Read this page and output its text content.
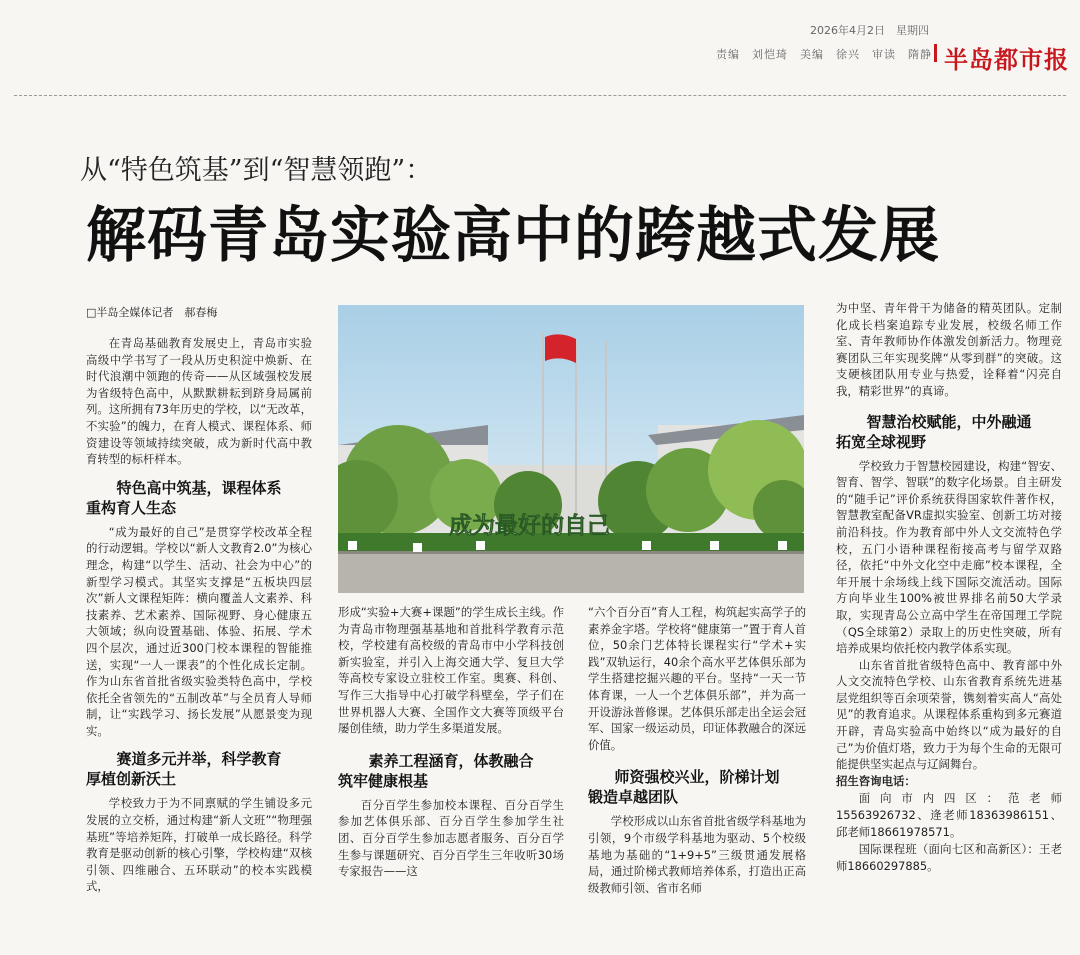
2026年4月2日　 星期四
责编　刘恺琦　 美编　徐兴　 审读　隋静 半岛都市报
从“特色筑基”到“智慧领跑”：
解码青岛实验高中的跨越式发展
□半岛全媒体记者　郝春梅

在青岛基础教育发展史上，青岛市实验高级中学书写了一段从历史积淀中焕新、在时代浪潮中领跑的传奇——从区域强校发展为省级特色高中，从默默耕耘到跻身局属前列。这所拥有73年历史的学校，以“无改革，不实验”的魄力，在育人模式、课程体系、师资建设等领域持续突破，成为新时代高中教育转型的标杆样本。

特色高中筑基，课程体系
重构育人生态

“成为最好的自己”是贯穿学校改革全程的行动逻辑。学校以“新人文教育2.0”为核心理念，构建“以学生、活动、社会为中心”的新型学习模式。其坚实支撑是“五板块四层次”新人文课程矩阵：横向覆盖人文素养、科技素养、艺术素养、国际视野、身心健康五大领域；纵向设置基础、体验、拓展、学术四个层次，通过近300门校本课程的智能推送，实现“一人一课表”的个性化成长定制。作为山东省首批省级实验类特色高中，学校依托全省领先的“五制改革”与全员育人导师制，让“实践学习、扬长发展”从愿景变为现实。

赛道多元并举，科学教育
厚植创新沃土

学校致力于为不同禀赋的学生铺设多元发展的立交桥，通过构建“新人文班”“物理强基班”等培养矩阵，打破单一成长路径。科学教育是驱动创新的核心引擎，学校构建“双核引领、四维融合、五环联动”的校本实践模式，

成为最好的自己

形成“实验+大赛+课题”的学生成长主线。作为青岛市物理强基基地和首批科学教育示范校，学校建有高校级的青岛市中小学科技创新实验室，并引入上海交通大学、复旦大学等高校专家设立驻校工作室。奥赛、科创、写作三大指导中心打破学科壁垒，学子们在世界机器人大赛、全国作文大赛等顶级平台屡创佳绩，助力学生多渠道发展。

素养工程涵育，体教融合
筑牢健康根基

百分百学生参加校本课程、百分百学生参加艺体俱乐部、百分百学生参加学生社团、百分百学生参加志愿者服务、百分百学生参与课题研究、百分百学生三年收听30场专家报告——这

“六个百分百”育人工程，构筑起实高学子的素养金字塔。学校将“健康第一”置于育人首位，50余门艺体特长课程实行“学术+实践”双轨运行，40余个高水平艺体俱乐部为学生搭建挖掘兴趣的平台。坚持“一天一节体育课，一人一个艺体俱乐部”，并为高一开设游泳普修课。艺体俱乐部走出全运会冠军、国家一级运动员，印证体教融合的深远价值。

师资强校兴业，阶梯计划
锻造卓越团队

学校形成以山东省首批省级学科基地为引领，9个市级学科基地为驱动、5个校级基地为基础的“1+9+5”三级贯通发展格局，通过阶梯式教师培养体系，打造出正高级教师引领、省市名师

为中坚、青年骨干为储备的精英团队。定制化成长档案追踪专业发展，校级名师工作室、青年教师协作体激发创新活力。物理竞赛团队三年实现奖牌“从零到群”的突破。这支硬核团队用专业与热爱，诠释着“闪亮自我，精彩世界”的真谛。

智慧治校赋能，中外融通
拓宽全球视野

学校致力于智慧校园建设，构建“智安、智育、智学、智联”的数字化场景。自主研发的“随手记”评价系统获得国家软件著作权，智慧教室配备VR虚拟实验室、创新工坊对接前沿科技。作为教育部中外人文交流特色学校，五门小语种课程衔接高考与留学双路径，依托“中外文化空中走廊”校本课程，全年开展十余场线上线下国际交流活动。国际方向毕业生100%被世界排名前50大学录取，实现青岛公立高中学生在帝国理工学院（QS全球第2）录取上的历史性突破，所有培养成果均依托校内教学体系实现。

山东省首批省级特色高中、教育部中外人文交流特色学校、山东省教育系统先进基层党组织等百余项荣誉，镌刻着实高人“高处见”的教育追求。从课程体系重构到多元赛道开辟，青岛实验高中始终以“成为最好的自己”为价值灯塔，致力于为每个生命的无限可能提供坚实起点与辽阔舞台。

招生咨询电话：
面向市内四区：范老师15563926732、逄老师18363986151、邱老师18661978571。
国际课程班（面向七区和高新区）：王老师18660297885。
